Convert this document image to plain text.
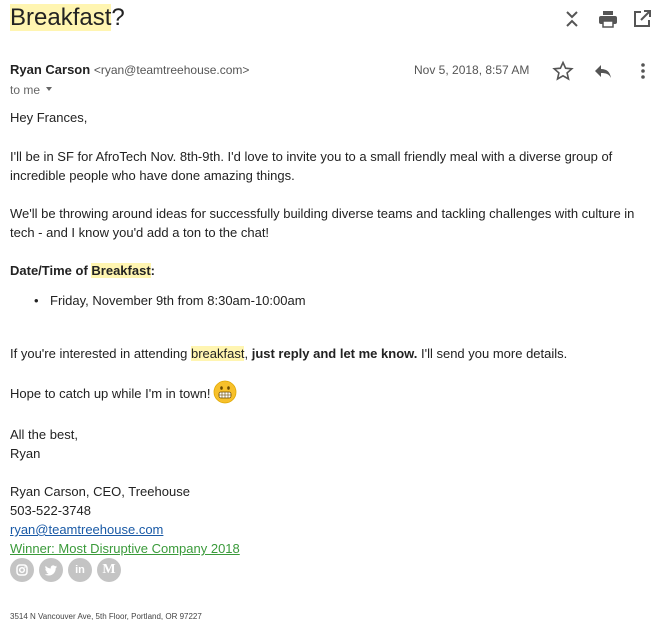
Breakfast?
Ryan Carson <ryan@teamtreehouse.com>
to me
Nov 5, 2018, 8:57 AM

Hey Frances,

I'll be in SF for AfroTech Nov. 8th-9th. I'd love to invite you to a small friendly meal with a diverse group of incredible people who have done amazing things.

We'll be throwing around ideas for successfully building diverse teams and tackling challenges with culture in tech - and I know you'd add a ton to the chat!

Date/Time of Breakfast:

• Friday, November 9th from 8:30am-10:00am

If you're interested in attending breakfast, just reply and let me know. I'll send you more details.

Hope to catch up while I'm in town!

All the best,

Ryan

Ryan Carson, CEO, Treehouse

503-522-3748

ryan@teamtreehouse.com

Winner: Most Disruptive Company 2018

in M
3514 N Vancouver Ave, 5th Floor, Portland, OR 97227
